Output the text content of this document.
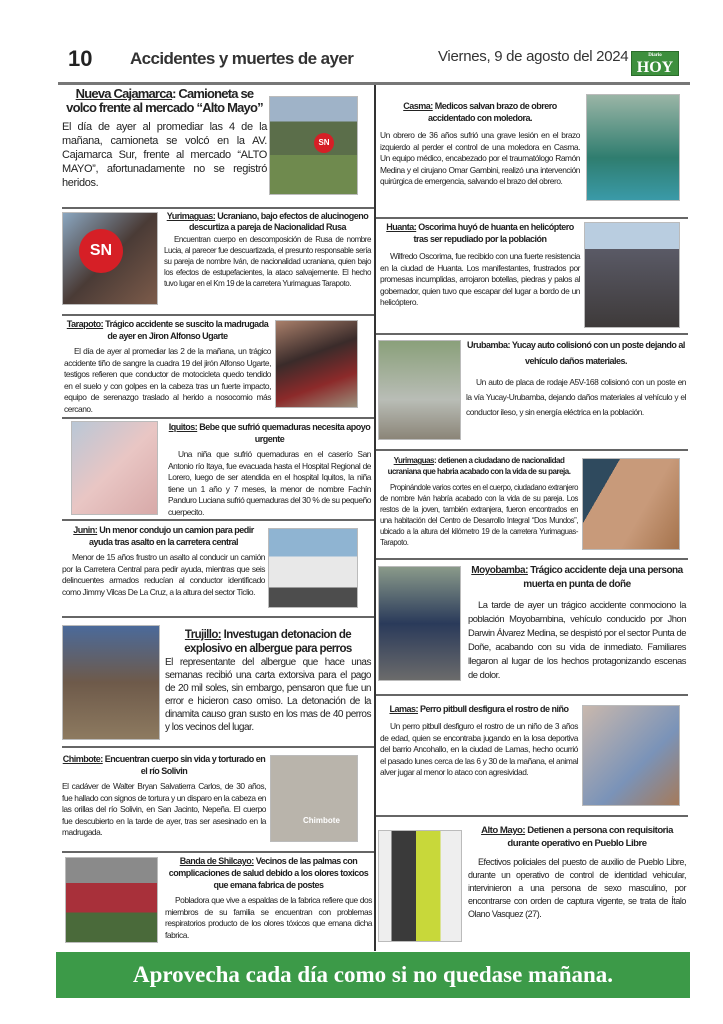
10 Accidentes y muertes de ayer	Viernes, 9 de agosto del 2024	Diario
HOY
SN
SN
Chimbote
Nueva Cajamarca: Camioneta se volco frente al mercado “Alto Mayo”
El día de ayer al promediar las 4 de la mañana, camioneta se volcó en la AV. Cajamarca Sur, frente al mercado “ALTO MAYO”, afortunadamente no se registró heridos.
Yurimaguas: Ucraniano, bajo efectos de alucinogeno descurtiza a pareja de Nacionalidad Rusa
Encuentran cuerpo en descomposición de Rusa de nombre Lucia, al parecer fue descuartizada, el presunto responsable sería su pareja de nombre Iván, de nacionalidad ucraniana, quien bajo los efectos de estupefacientes, la ataco salvajemente. El hecho tuvo lugar en el Km 19 de la carretera Yurimaguas Tarapoto.
Tarapoto: Trágico accidente se suscito la madrugada de ayer en Jiron Alfonso Ugarte
El día de ayer al promediar las 2 de la mañana, un trágico accidente tiño de sangre la cuadra 19 del jirón Alfonso Ugarte, testigos refieren que conductor de motocicleta quedo tendido en el suelo y con golpes en la cabeza tras un fuerte impacto, equipo de serenazgo traslado al herido a nosocomio más cercano.
Iquitos: Bebe que sufrió quemaduras necesita apoyo urgente
Una niña que sufrió quemaduras en el caserío San Antonio río Itaya, fue evacuada hasta el Hospital Regional de Lorero, luego de ser atendida en el hospital Iquitos, la niña tiene un 1 año y 7 meses, la menor de nombre Fachín Panduro Luciana sufrió quemaduras del 30 % de su pequeño cuerpecito.
Junin: Un menor condujo un camion para pedir ayuda tras asalto en la carretera central
Menor de 15 años frustro un asalto al conducir un camión por la Carretera Central para pedir ayuda, mientras que seis delincuentes armados reducían al conductor identificado como Jimmy Vilcas De La Cruz, a la altura del sector Ticlio.
Trujillo: Investugan detonacion de explosivo en albergue para perros
El representante del albergue que hace unas semanas recibió una carta extorsiva para el pago de 20 mil soles, sin embargo, pensaron que fue un error e hicieron caso omiso. La detonación de la dinamita causo gran susto en los mas de 40 perros y los vecinos del lugar.
Chimbote: Encuentran cuerpo sin vida y torturado en el río Solivin
El cadáver de Walter Bryan Salvatierra Carlos, de 30 años, fue hallado con signos de tortura y un disparo en la cabeza en las orillas del río Solivin, en San Jacinto, Nepeña. El cuerpo fue descubierto en la tarde de ayer, tras ser asesinado en la madrugada.
Banda de Shilcayo: Vecinos de las palmas con complicaciones de salud debido a los olores toxicos que emana fabrica de postes
Pobladora que vive a espaldas de la fabrica refiere que dos miembros de su familia se encuentran con problemas respiratorios producto de los olores tóxicos que emana dicha fabrica.
Casma: Medicos salvan brazo de obrero accidentado con moledora.
Un obrero de 36 años sufrió una grave lesión en el brazo izquierdo al perder el control de una moledora en Casma. Un equipo médico, encabezado por el traumatólogo Ramón Medina y el cirujano Omar Gambini, realizó una intervención quirúrgica de emergencia, salvando el brazo del obrero.
Huanta: Oscorima huyó de huanta en helicóptero tras ser repudiado por la población
Wilfredo Oscorima, fue recibido con una fuerte resistencia en la ciudad de Huanta. Los manifestantes, frustrados por promesas incumplidas, arrojaron botellas, piedras y palos al gobernador, quien tuvo que escapar del lugar a bordo de un helicóptero.
Urubamba: Yucay auto colisionó con un poste dejando al vehículo daños materiales.
Un auto de placa de rodaje A5V-168 colisionó con un poste en la vía Yucay-Urubamba, dejando daños materiales al vehículo y el conductor ileso, y sin energía eléctrica en la población.
Yurimaguas: detienen a ciudadano de nacionalidad ucraniana que habria acabado con la vida de su pareja.
Propinándole varios cortes en el cuerpo, ciudadano extranjero de nombre Iván habría acabado con la vida de su pareja. Los restos de la joven, también extranjera, fueron encontrados en una habitación del Centro de Desarrollo Integral “Dos Mundos”, ubicado a la altura del kilómetro 19 de la carretera Yurimaguas-Tarapoto.
Moyobamba: Trágico accidente deja una persona muerta en punta de doñe
La tarde de ayer un trágico accidente conmociono la población Moyobambina, vehículo conducido por Jhon Darwin Álvarez Medina, se despistó por el sector Punta de Doñe, acabando con su vida de inmediato. Familiares llegaron al lugar de los hechos protagonizando escenas de dolor.
Lamas: Perro pitbull desfigura el rostro de niño
Un perro pitbull desfiguro el rostro de un niño de 3 años de edad, quien se encontraba jugando en la losa deportiva del barrio Ancohallo, en la ciudad de Lamas, hecho ocurrió el pasado lunes cerca de las 6 y 30 de la mañana, el animal alver jugar al menor lo ataco con agresividad.
Alto Mayo: Detienen a persona con requisitoria durante operativo en Pueblo Libre
Efectivos policiales del puesto de auxilio de Pueblo Libre, durante un operativo de control de identidad vehicular, intervinieron a una persona de sexo masculino, por encontrarse con orden de captura vigente, se trata de Ítalo Olano Vasquez (27).
Aprovecha cada día como si no quedase mañana.
